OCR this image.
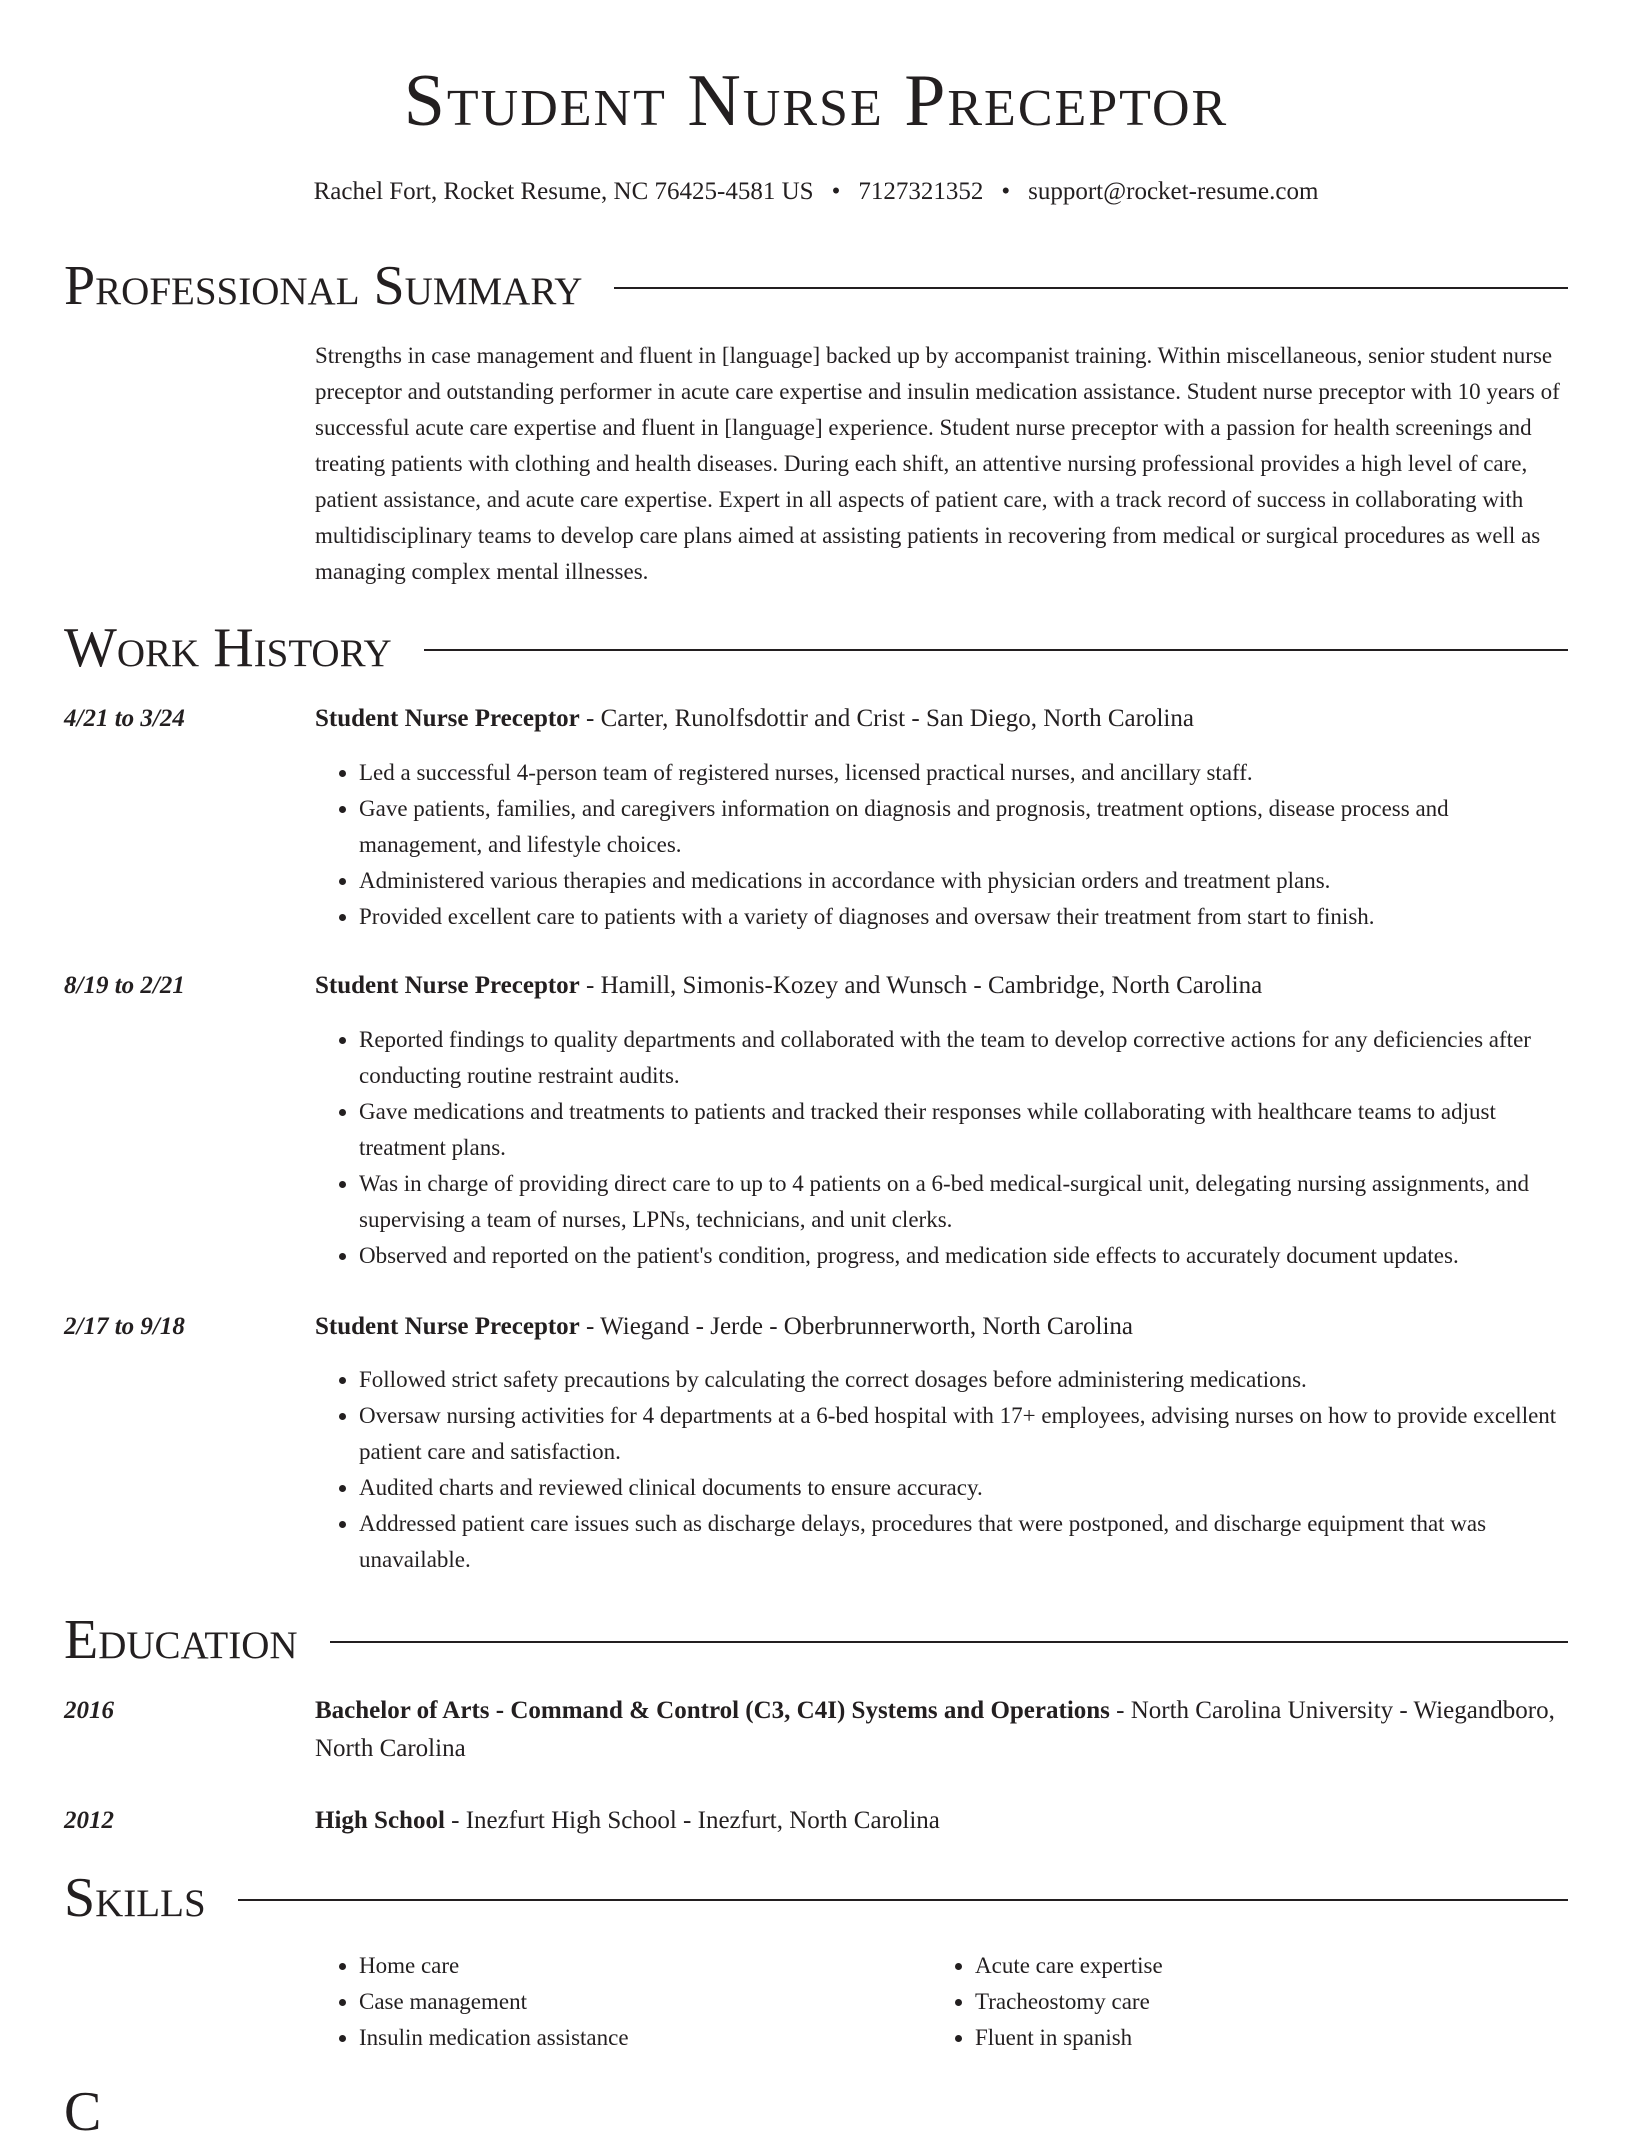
Student Nurse Preceptor
Rachel Fort, Rocket Resume, NC 76425-4581 US • 7127321352 • support@rocket-resume.com
Professional Summary
Strengths in case management and fluent in [language] backed up by accompanist training. Within miscellaneous, senior student nurse preceptor and outstanding performer in acute care expertise and insulin medication assistance. Student nurse preceptor with 10 years of successful acute care expertise and fluent in [language] experience. Student nurse preceptor with a passion for health screenings and treating patients with clothing and health diseases. During each shift, an attentive nursing professional provides a high level of care, patient assistance, and acute care expertise. Expert in all aspects of patient care, with a track record of success in collaborating with multidisciplinary teams to develop care plans aimed at assisting patients in recovering from medical or surgical procedures as well as managing complex mental illnesses.
Work History
4/21 to 3/24	Student Nurse Preceptor - Carter, Runolfsdottir and Crist - San Diego, North Carolina
• Led a successful 4-person team of registered nurses, licensed practical nurses, and ancillary staff.
• Gave patients, families, and caregivers information on diagnosis and prognosis, treatment options, disease process and management, and lifestyle choices.
• Administered various therapies and medications in accordance with physician orders and treatment plans.
• Provided excellent care to patients with a variety of diagnoses and oversaw their treatment from start to finish.
8/19 to 2/21	Student Nurse Preceptor - Hamill, Simonis-Kozey and Wunsch - Cambridge, North Carolina
• Reported findings to quality departments and collaborated with the team to develop corrective actions for any deficiencies after conducting routine restraint audits.
• Gave medications and treatments to patients and tracked their responses while collaborating with healthcare teams to adjust treatment plans.
• Was in charge of providing direct care to up to 4 patients on a 6-bed medical-surgical unit, delegating nursing assignments, and supervising a team of nurses, LPNs, technicians, and unit clerks.
• Observed and reported on the patient's condition, progress, and medication side effects to accurately document updates.
2/17 to 9/18	Student Nurse Preceptor - Wiegand - Jerde - Oberbrunnerworth, North Carolina
• Followed strict safety precautions by calculating the correct dosages before administering medications.
• Oversaw nursing activities for 4 departments at a 6-bed hospital with 17+ employees, advising nurses on how to provide excellent patient care and satisfaction.
• Audited charts and reviewed clinical documents to ensure accuracy.
• Addressed patient care issues such as discharge delays, procedures that were postponed, and discharge equipment that was unavailable.
Education
2016	Bachelor of Arts - Command & Control (C3, C4I) Systems and Operations - North Carolina University - Wiegandboro, North Carolina
2012	High School - Inezfurt High School - Inezfurt, North Carolina
Skills
• Home care
• Case management
• Insulin medication assistance
• Acute care expertise
• Tracheostomy care
• Fluent in spanish
C
